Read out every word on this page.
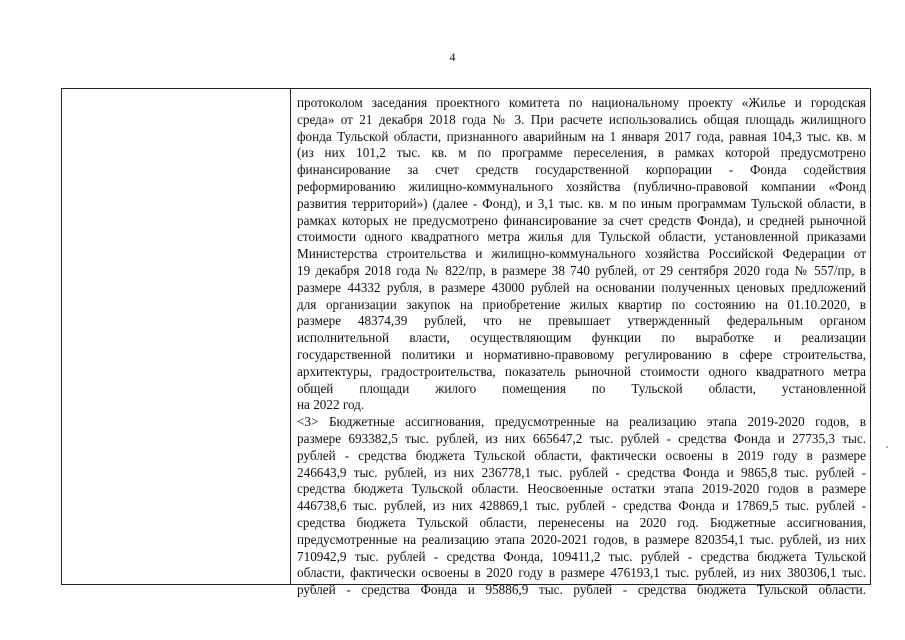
4
протоколом заседания проектного комитета по национальному проекту «Жилье и городская
среда» от 21 декабря 2018 года № 3. При расчете использовались общая площадь жилищного
фонда Тульской области, признанного аварийным на 1 января 2017 года, равная 104,3 тыс. кв. м
(из них 101,2 тыс. кв. м по программе переселения, в рамках которой предусмотрено
финансирование за счет средств государственной корпорации - Фонда содействия
реформированию жилищно-коммунального хозяйства (публично-правовой компании «Фонд
развития территорий») (далее - Фонд), и 3,1 тыс. кв. м по иным программам Тульской области, в
рамках которых не предусмотрено финансирование за счет средств Фонда), и средней рыночной
стоимости одного квадратного метра жилья для Тульской области, установленной приказами
Министерства строительства и жилищно-коммунального хозяйства Российской Федерации от
19 декабря 2018 года № 822/пр, в размере 38 740 рублей, от 29 сентября 2020 года № 557/пр, в
размере 44332 рубля, в размере 43000 рублей на основании полученных ценовых предложений
для организации закупок на приобретение жилых квартир по состоянию на 01.10.2020, в
размере 48374,39 рублей, что не превышает утвержденный федеральным органом
исполнительной власти, осуществляющим функции по выработке и реализации
государственной политики и нормативно-правовому регулированию в сфере строительства,
архитектуры, градостроительства, показатель рыночной стоимости одного квадратного метра
общей площади жилого помещения по Тульской области, установленной
на 2022 год.
<3> Бюджетные ассигнования, предусмотренные на реализацию этапа 2019-2020 годов, в
размере 693382,5 тыс. рублей, из них 665647,2 тыс. рублей - средства Фонда и 27735,3 тыс.
рублей - средства бюджета Тульской области, фактически освоены в 2019 году в размере
246643,9 тыс. рублей, из них 236778,1 тыс. рублей - средства Фонда и 9865,8 тыс. рублей -
средства бюджета Тульской области. Неосвоенные остатки этапа 2019-2020 годов в размере
446738,6 тыс. рублей, из них 428869,1 тыс. рублей - средства Фонда и 17869,5 тыс. рублей -
средства бюджета Тульской области, перенесены на 2020 год. Бюджетные ассигнования,
предусмотренные на реализацию этапа 2020-2021 годов, в размере 820354,1 тыс. рублей, из них
710942,9 тыс. рублей - средства Фонда, 109411,2 тыс. рублей - средства бюджета Тульской
области, фактически освоены в 2020 году в размере 476193,1 тыс. рублей, из них 380306,1 тыс.
рублей - средства Фонда и 95886,9 тыс. рублей - средства бюджета Тульской области.
